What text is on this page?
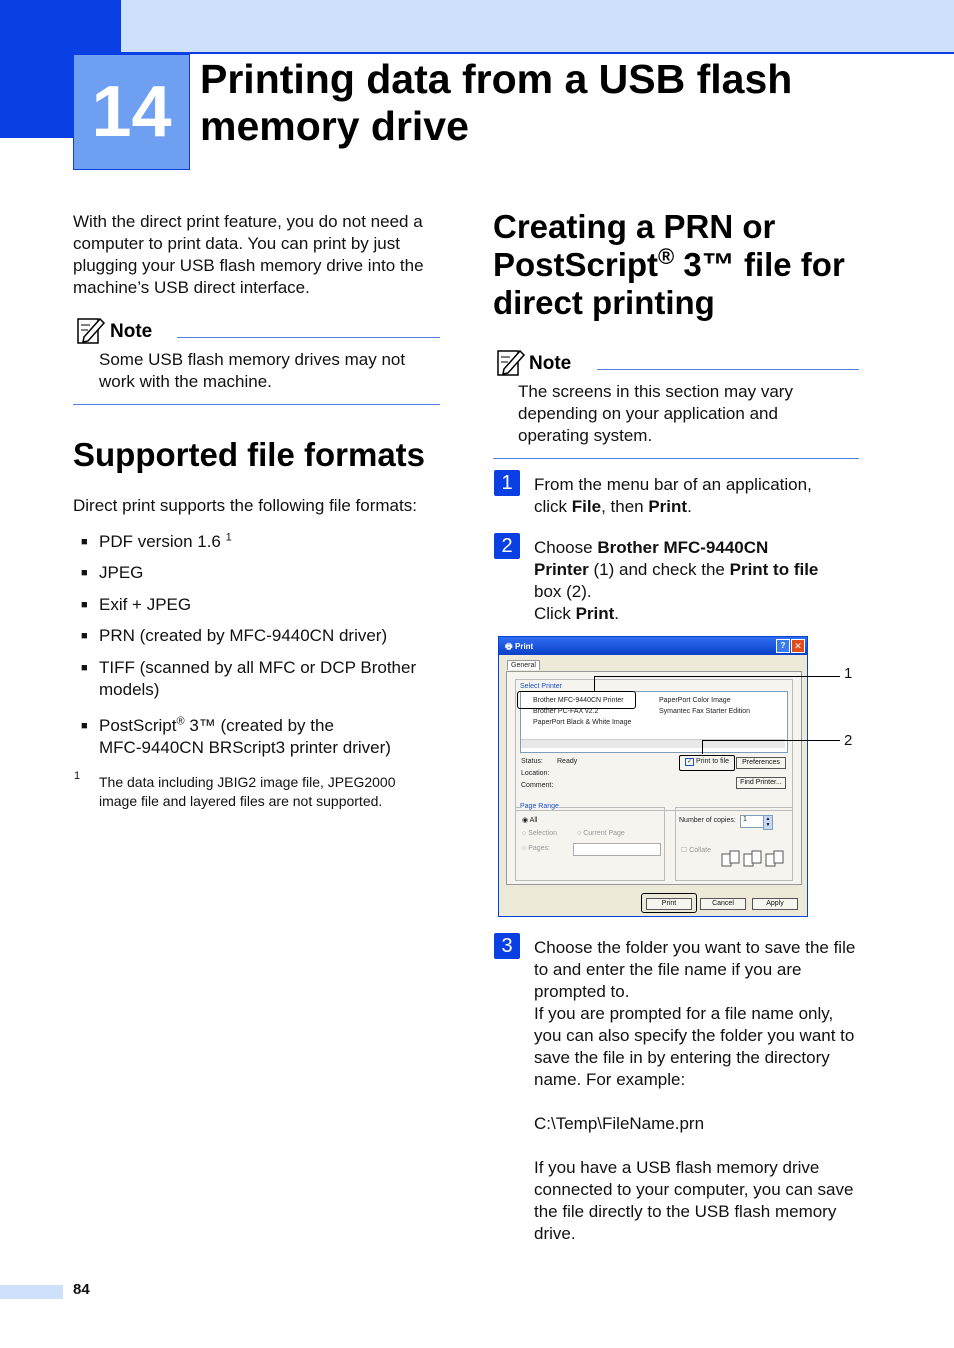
14 Printing data from a USB flash
memory drive
With the direct print feature, you do not need a computer to print data. You can print by just plugging your USB flash memory drive into the machine’s USB direct interface.
Note
Some USB flash memory drives may not work with the machine.
Supported file formats
Direct print supports the following file formats:
■ PDF version 1.6 $^1$
■ JPEG
■ Exif + JPEG
■ PRN (created by MFC-9440CN driver)
■ TIFF (scanned by all MFC or DCP Brother
models)
■ PostScript® 3™ (created by the
MFC-9440CN BRScript3 printer driver)
1 The data including JBIG2 image file, JPEG2000
image file and layered files are not supported.
Creating a PRN or
PostScript® 3™ file for
direct printing
Note
The screens in this section may vary depending on your application and operating system.
1	From the menu bar of an application,
click File, then Print.
2	Choose Brother MFC-9440CN
Printer (1) and check the Print to file
box (2).
Click Print.
🖶 Print	? ✕
General
Select Printer
Brother MFC-9440CN Printer
Brother PC-FAX v2.2
PaperPort Black & White Image
PaperPort Color Image
Symantec Fax Starter Edition
Status: Ready
Location:
Comment:
✓ Print to file	Preferences
Find Printer...
Page Range
◉ All
○ Selection	○ Current Page
○ Pages:
Number of copies:	1	▲
▼
☐ Collate
Print	Cancel	Apply
1
2
3	Choose the folder you want to save the file to and enter the file name if you are prompted to.
If you are prompted for a file name only, you can also specify the folder you want to save the file in by entering the directory name. For example:
C:\Temp\FileName.prn
If you have a USB flash memory drive connected to your computer, you can save the file directly to the USB flash memory drive.
84
